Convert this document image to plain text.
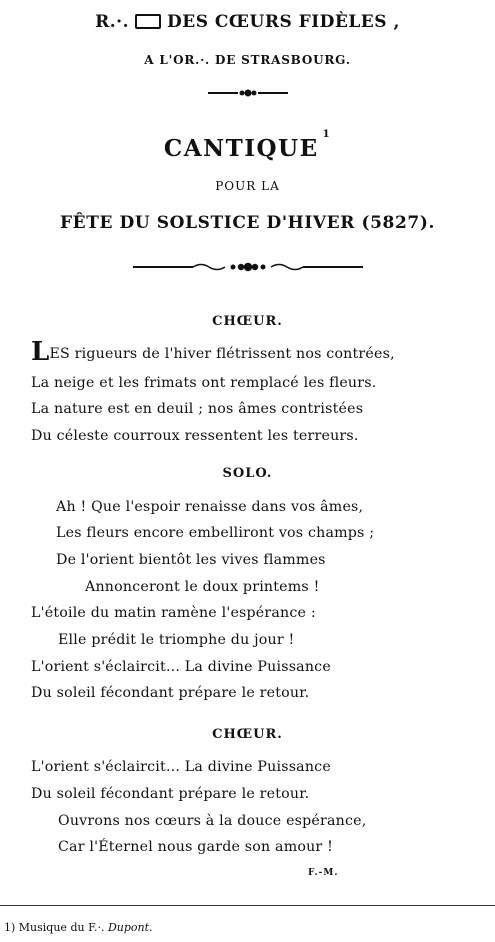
R.·. DES CŒURS FIDÈLES ,
A L'OR.·. DE STRASBOURG.
CANTIQUE$^1$
POUR LA
FÊTE DU SOLSTICE D'HIVER (5827).
CHŒUR.
LES rigueurs de l'hiver flétrissent nos contrées,
La neige et les frimats ont remplacé les fleurs.
La nature est en deuil ; nos âmes contristées
Du céleste courroux ressentent les terreurs.
SOLO.
Ah ! Que l'espoir renaisse dans vos âmes,
Les fleurs encore embelliront vos champs ;
De l'orient bientôt les vives flammes
Annonceront le doux printems !
L'étoile du matin ramène l'espérance :
Elle prédit le triomphe du jour !
L'orient s'éclaircit... La divine Puissance
Du soleil fécondant prépare le retour.
CHŒUR.
L'orient s'éclaircit... La divine Puissance
Du soleil fécondant prépare le retour.
Ouvrons nos cœurs à la douce espérance,
Car l'Éternel nous garde son amour !
F.-M.
1) Musique du F.·. Dupont.
